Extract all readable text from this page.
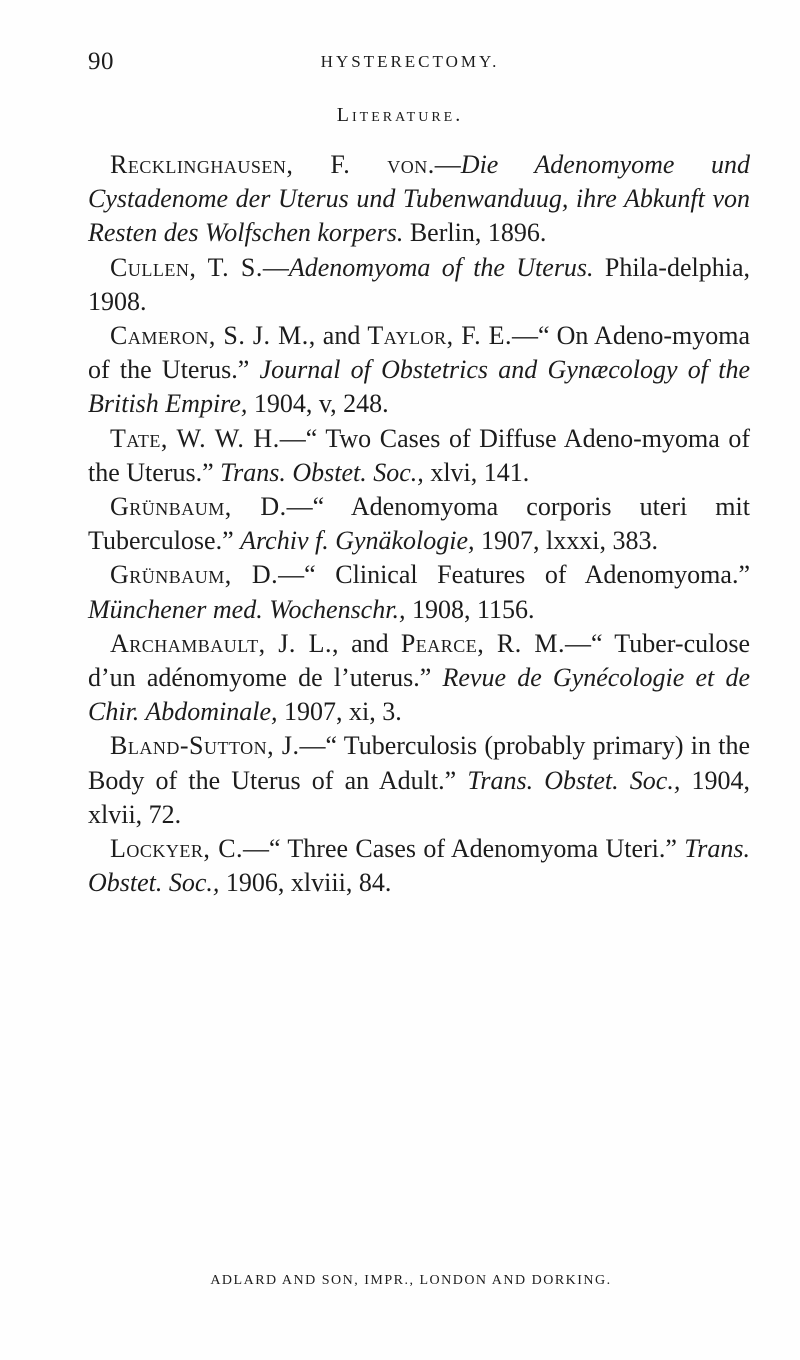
90	HYSTERECTOMY.
Literature.

Recklinghausen, F. von.—Die Adenomyome und Cystadenome der Uterus und Tubenwanduug, ihre Abkunft von Resten des Wolfschen korpers. Berlin, 1896.

Cullen, T. S.—Adenomyoma of the Uterus. Phila-delphia, 1908.

Cameron, S. J. M., and Taylor, F. E.—“ On Adeno-myoma of the Uterus.” Journal of Obstetrics and Gynæcology of the British Empire, 1904, v, 248.

Tate, W. W. H.—“ Two Cases of Diffuse Adeno-myoma of the Uterus.” Trans. Obstet. Soc., xlvi, 141.

Grünbaum, D.—“ Adenomyoma corporis uteri mit Tuberculose.” Archiv f. Gynäkologie, 1907, lxxxi, 383.

Grünbaum, D.—“ Clinical Features of Adenomyoma.” Münchener med. Wochenschr., 1908, 1156.

Archambault, J. L., and Pearce, R. M.—“ Tuber-culose d’un adénomyome de l’uterus.” Revue de Gynécologie et de Chir. Abdominale, 1907, xi, 3.

Bland-Sutton, J.—“ Tuberculosis (probably primary) in the Body of the Uterus of an Adult.” Trans. Obstet. Soc., 1904, xlvii, 72.

Lockyer, C.—“ Three Cases of Adenomyoma Uteri.” Trans. Obstet. Soc., 1906, xlviii, 84.

ADLARD AND SON, IMPR., LONDON AND DORKING.
